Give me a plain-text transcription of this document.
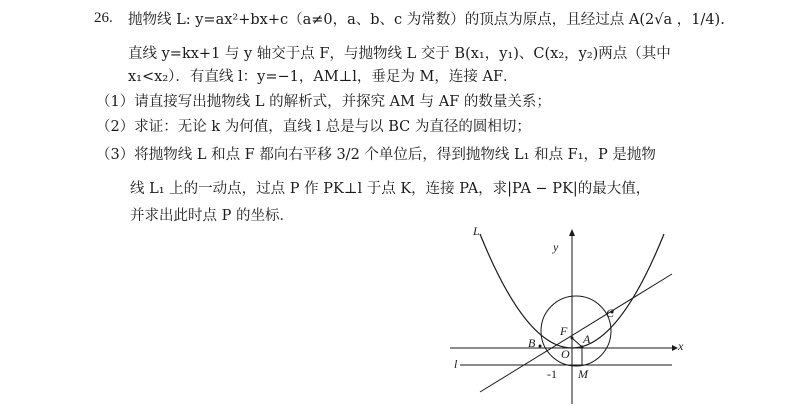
26. 抛物线 L: y=ax²+bx+c（a≠0，a、b、c 为常数）的顶点为原点，且经过点 A(2√a ，1/4).
直线 y=kx+1 与 y 轴交于点 F，与抛物线 L 交于 B(x₁，y₁)、C(x₂，y₂)两点（其中
x₁<x₂）．有直线 l：y=−1，AM⊥l，垂足为 M，连接 AF．
（1）请直接写出抛物线 L 的解析式，并探究 AM 与 AF 的数量关系；
（2）求证：无论 k 为何值，直线 l 总是与以 BC 为直径的圆相切；
（3）将抛物线 L 和点 F 都向右平移 3/2 个单位后，得到抛物线 L₁ 和点 F₁，P 是抛物
线 L₁ 上的一动点，过点 P 作 PK⊥l 于点 K，连接 PA，求|PA − PK|的最大值，
并求出此时点 P 的坐标．
L
y
x
C
F
A
B
O
l
-1 M
